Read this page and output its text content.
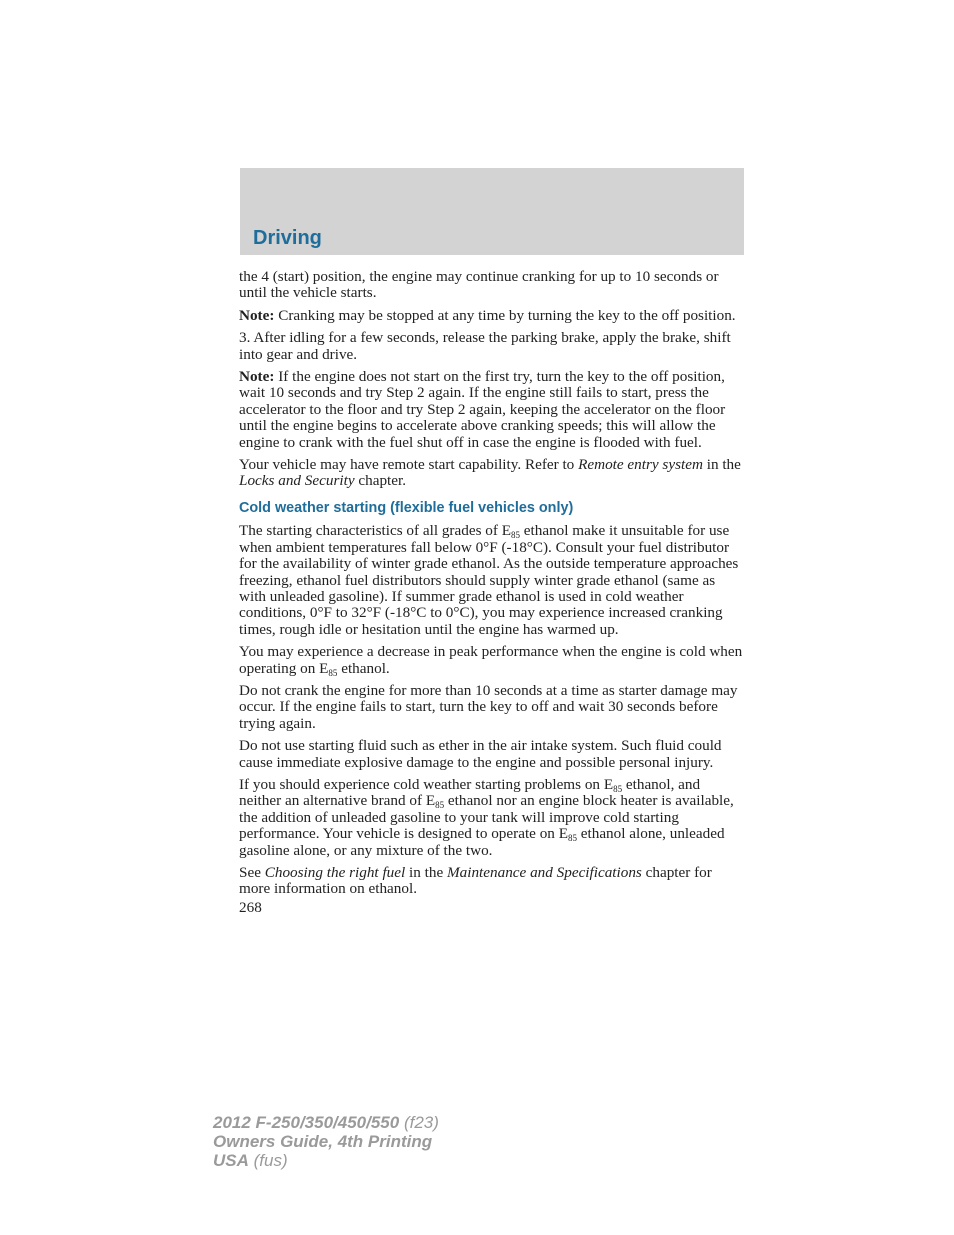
Driving

the 4 (start) position, the engine may continue cranking for up to 10 seconds or until the vehicle starts.

Note: Cranking may be stopped at any time by turning the key to the off position.

3. After idling for a few seconds, release the parking brake, apply the brake, shift into gear and drive.

Note: If the engine does not start on the first try, turn the key to the off position, wait 10 seconds and try Step 2 again. If the engine still fails to start, press the accelerator to the floor and try Step 2 again, keeping the accelerator on the floor until the engine begins to accelerate above cranking speeds; this will allow the engine to crank with the fuel shut off in case the engine is flooded with fuel.

Your vehicle may have remote start capability. Refer to Remote entry system in the Locks and Security chapter.

Cold weather starting (flexible fuel vehicles only)

The starting characteristics of all grades of $E_{85}$ ethanol make it unsuitable for use when ambient temperatures fall below 0°F (-18°C). Consult your fuel distributor for the availability of winter grade ethanol. As the outside temperature approaches freezing, ethanol fuel distributors should supply winter grade ethanol (same as with unleaded gasoline). If summer grade ethanol is used in cold weather conditions, 0°F to 32°F (-18°C to 0°C), you may experience increased cranking times, rough idle or hesitation until the engine has warmed up.

You may experience a decrease in peak performance when the engine is cold when operating on $E_{85}$ ethanol.

Do not crank the engine for more than 10 seconds at a time as starter damage may occur. If the engine fails to start, turn the key to off and wait 30 seconds before trying again.

Do not use starting fluid such as ether in the air intake system. Such fluid could cause immediate explosive damage to the engine and possible personal injury.

If you should experience cold weather starting problems on $E_{85}$ ethanol, and neither an alternative brand of $E_{85}$ ethanol nor an engine block heater is available, the addition of unleaded gasoline to your tank will improve cold starting performance. Your vehicle is designed to operate on $E_{85}$ ethanol alone, unleaded gasoline alone, or any mixture of the two.

See Choosing the right fuel in the Maintenance and Specifications chapter for more information on ethanol.

268
2012 F-250/350/450/550 (f23)
Owners Guide, 4th Printing
USA (fus)
